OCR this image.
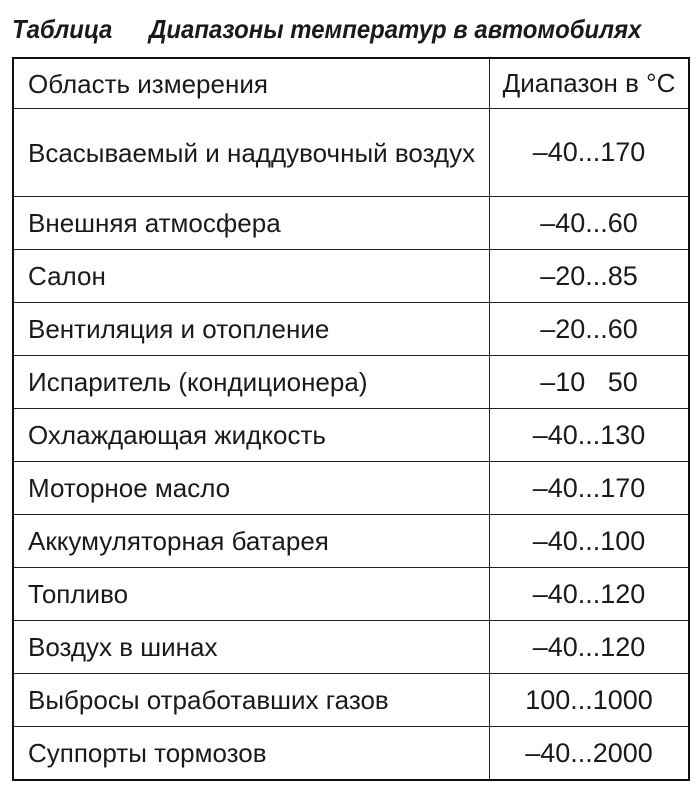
Таблица Диапазоны температур в автомобилях
Область измерения	Диапазон в °C
Всасываемый и наддувочный воздух	–40...170
Внешняя атмосфера	–40...60
Салон	–20...85
Вентиляция и отопление	–20...60
Испаритель (кондиционера)	–10   50
Охлаждающая жидкость	–40...130
Моторное масло	–40...170
Аккумуляторная батарея	–40...100
Топливо	–40...120
Воздух в шинах	–40...120
Выбросы отработавших газов	100...1000
Суппорты тормозов	–40...2000
